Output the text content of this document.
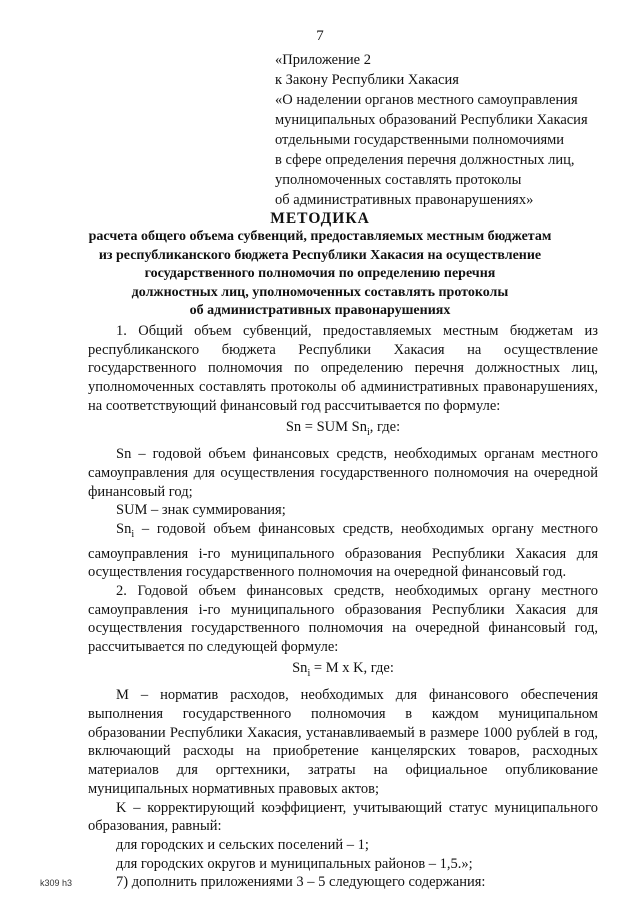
7
«Приложение 2
к Закону Республики Хакасия
«О наделении органов местного самоуправления
муниципальных образований Республики Хакасия
отдельными государственными полномочиями
в сфере определения перечня должностных лиц,
уполномоченных составлять протоколы
об административных правонарушениях»
МЕТОДИКА
расчета общего объема субвенций, предоставляемых местным бюджетам
из республиканского бюджета Республики Хакасия на осуществление
государственного полномочия по определению перечня
должностных лиц, уполномоченных составлять протоколы
об административных правонарушениях

1. Общий объем субвенций, предоставляемых местным бюджетам из республиканского бюджета Республики Хакасия на осуществление государственного полномочия по определению перечня должностных лиц, уполномоченных составлять протоколы об административных правонарушениях, на соответствующий финансовый год рассчитывается по формуле:

Sn = SUM $Sn_i$, где:

Sn – годовой объем финансовых средств, необходимых органам местного самоуправления для осуществления государственного полномочия на очередной финансовый год;

SUM – знак суммирования;

$Sn_i$ – годовой объем финансовых средств, необходимых органу местного самоуправления i-го муниципального образования Республики Хакасия для осуществления государственного полномочия на очередной финансовый год.

2. Годовой объем финансовых средств, необходимых органу местного самоуправления i-го муниципального образования Республики Хакасия для осуществления государственного полномочия на очередной финансовый год, рассчитывается по следующей формуле:

$Sn_i = M$ x K, где:

M – норматив расходов, необходимых для финансового обеспечения выполнения государственного полномочия в каждом муниципальном образовании Республики Хакасия, устанавливаемый в размере 1000 рублей в год, включающий расходы на приобретение канцелярских товаров, расходных материалов для оргтехники, затраты на официальное опубликование муниципальных нормативных правовых актов;

K – корректирующий коэффициент, учитывающий статус муниципального образования, равный:

для городских и сельских поселений – 1;

для городских округов и муниципальных районов – 1,5.»;

7) дополнить приложениями 3 – 5 следующего содержания:

k309 h3
